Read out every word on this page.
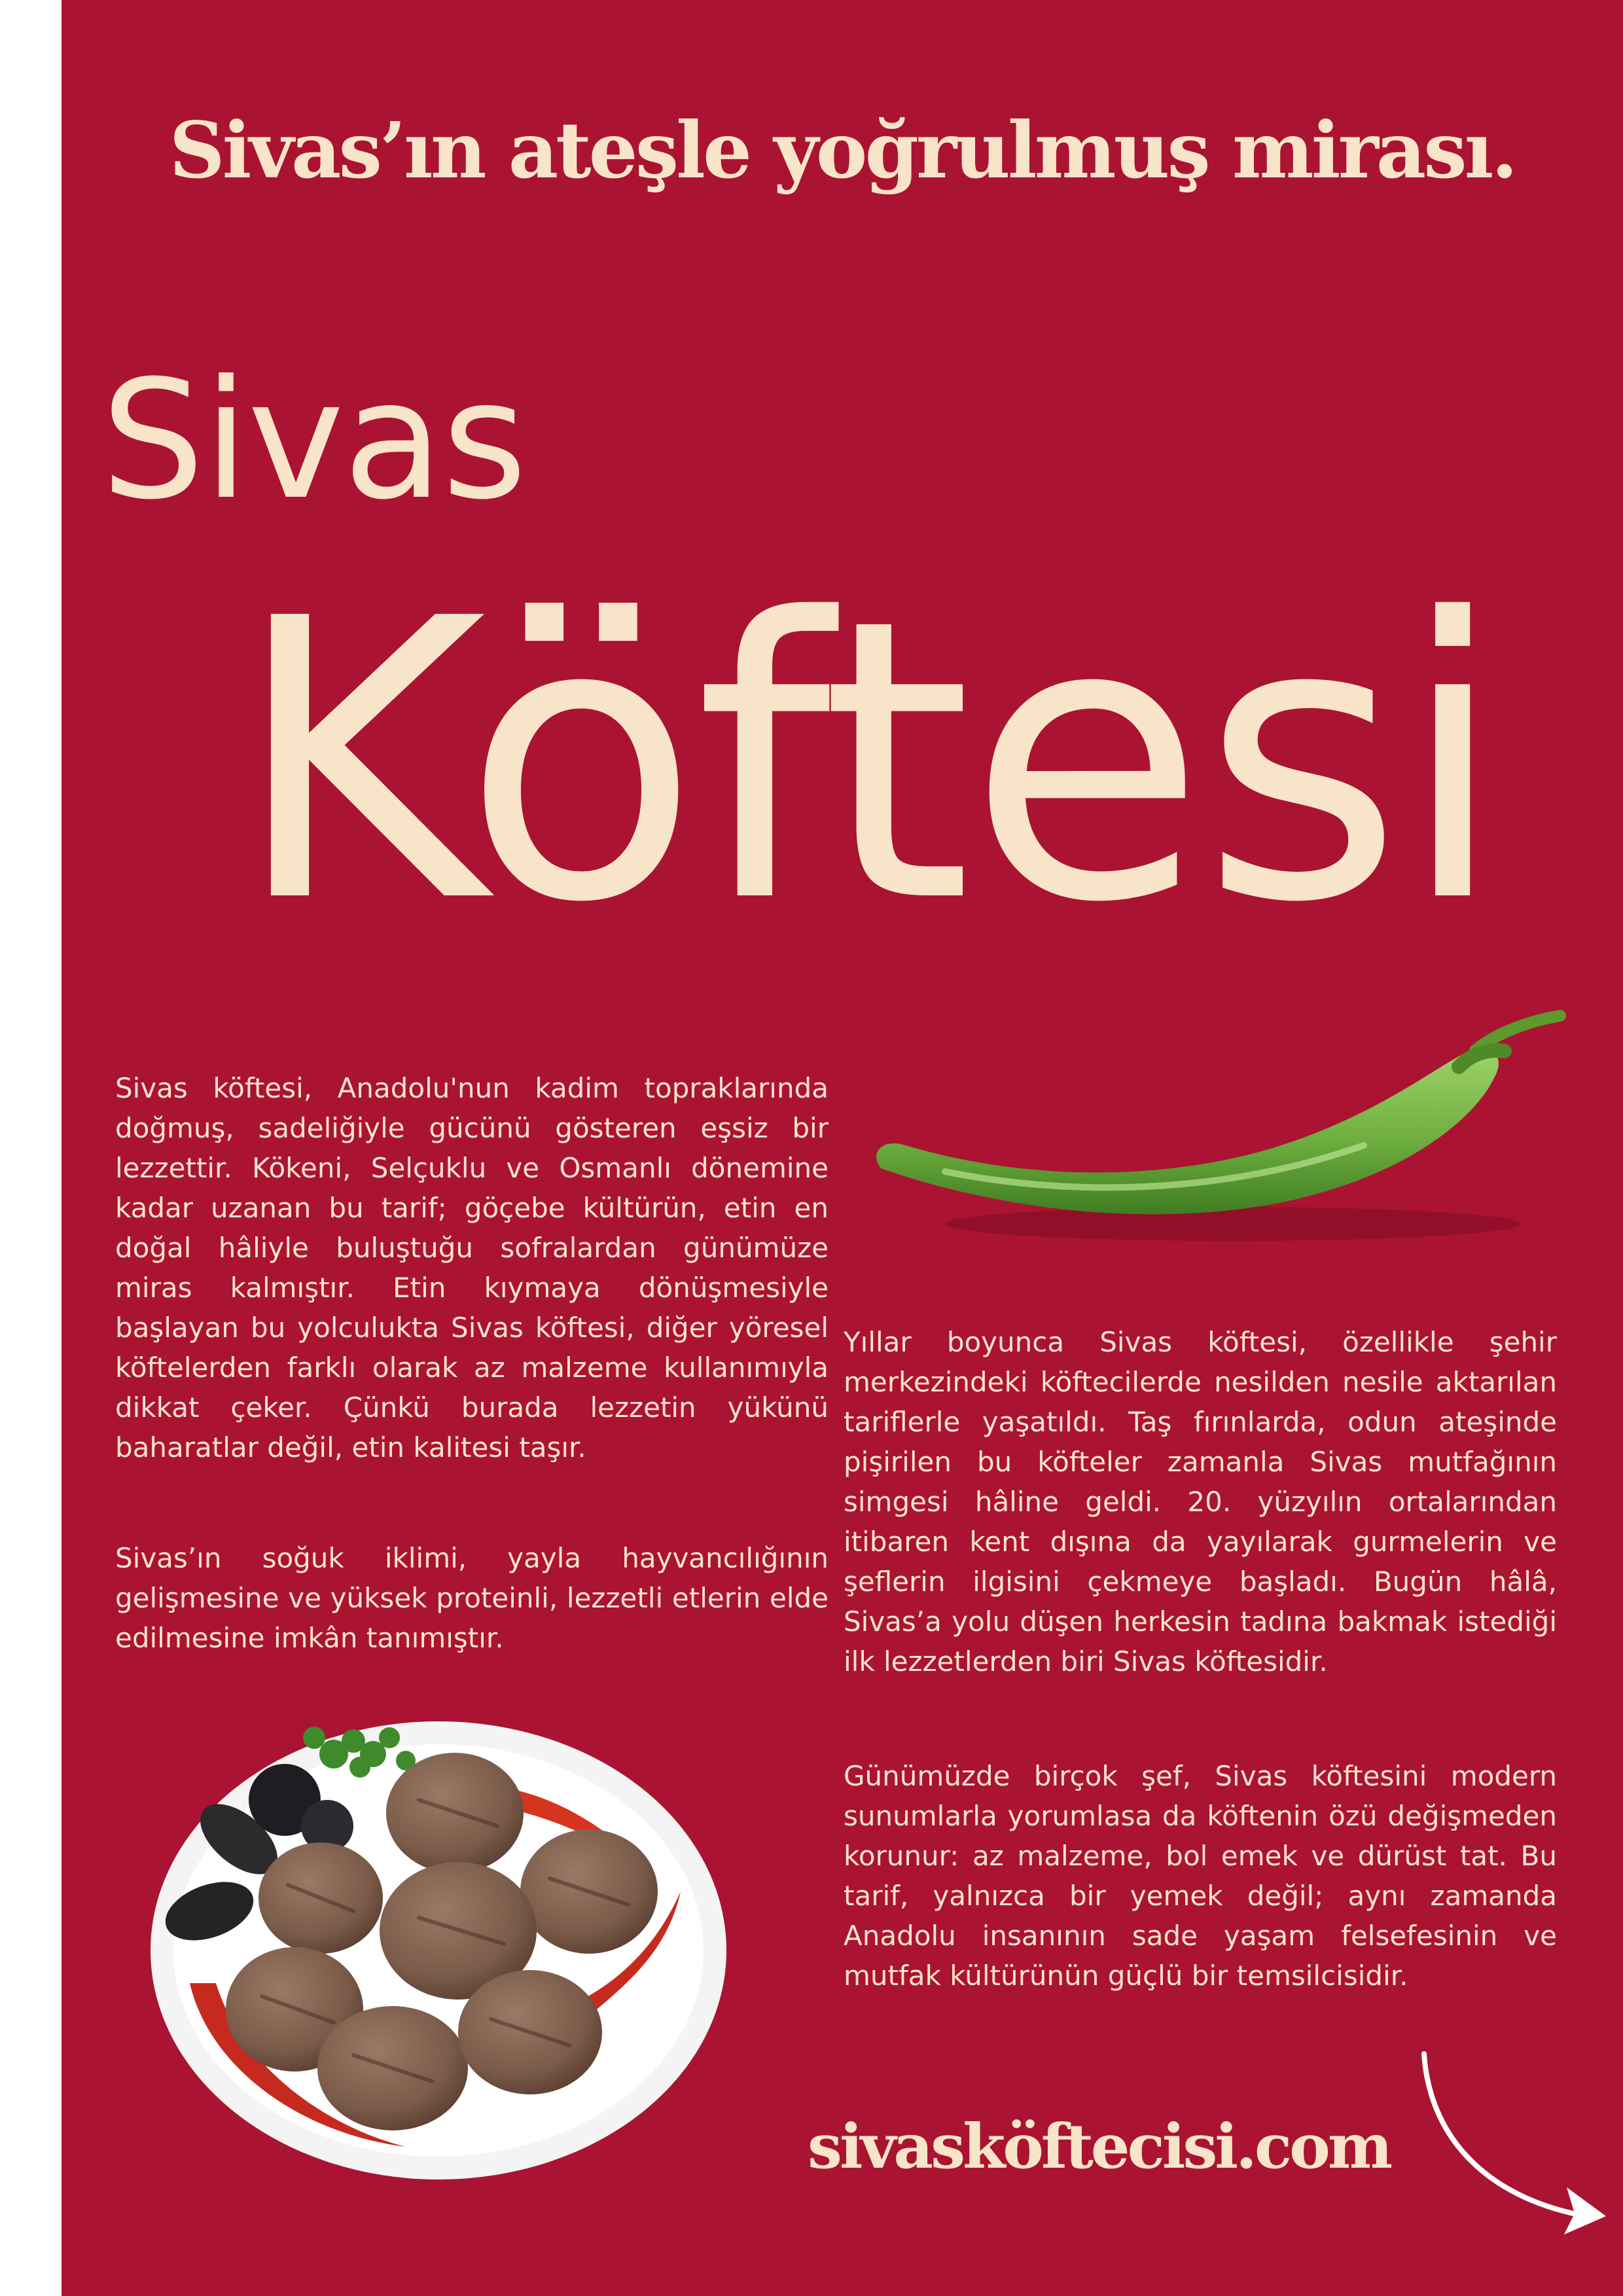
Sivas’ın ateşle yoğrulmuş mirası.
Sivas
Köftesi

Sivas köftesi, Anadolu'nun kadim topraklarında doğmuş, sadeliğiyle gücünü gösteren eşsiz bir lezzettir. Kökeni, Selçuklu ve Osmanlı dönemine kadar uzanan bu tarif; göçebe kültürün, etin en doğal hâliyle buluştuğu sofralardan günümüze miras kalmıştır. Etin kıymaya dönüşmesiyle başlayan bu yolculukta Sivas köftesi, diğer yöresel köftelerden farklı olarak az malzeme kullanımıyla dikkat çeker. Çünkü burada lezzetin yükünü baharatlar değil, etin kalitesi taşır.

Sivas’ın soğuk iklimi, yayla hayvancılığının gelişmesine ve yüksek proteinli, lezzetli etlerin elde edilmesine imkân tanımıştır.

Yıllar boyunca Sivas köftesi, özellikle şehir merkezindeki köftecilerde nesilden nesile aktarılan tariflerle yaşatıldı. Taş fırınlarda, odun ateşinde pişirilen bu köfteler zamanla Sivas mutfağının simgesi hâline geldi. 20. yüzyılın ortalarından itibaren kent dışına da yayılarak gurmelerin ve şeflerin ilgisini çekmeye başladı. Bugün hâlâ, Sivas’a yolu düşen herkesin tadına bakmak istediği ilk lezzetlerden biri Sivas köftesidir.

Günümüzde birçok şef, Sivas köftesini modern sunumlarla yorumlasa da köftenin özü değişmeden korunur: az malzeme, bol emek ve dürüst tat. Bu tarif, yalnızca bir yemek değil; aynı zamanda Anadolu insanının sade yaşam felsefesinin ve mutfak kültürünün güçlü bir temsilcisidir.

sivasköftecisi.com
